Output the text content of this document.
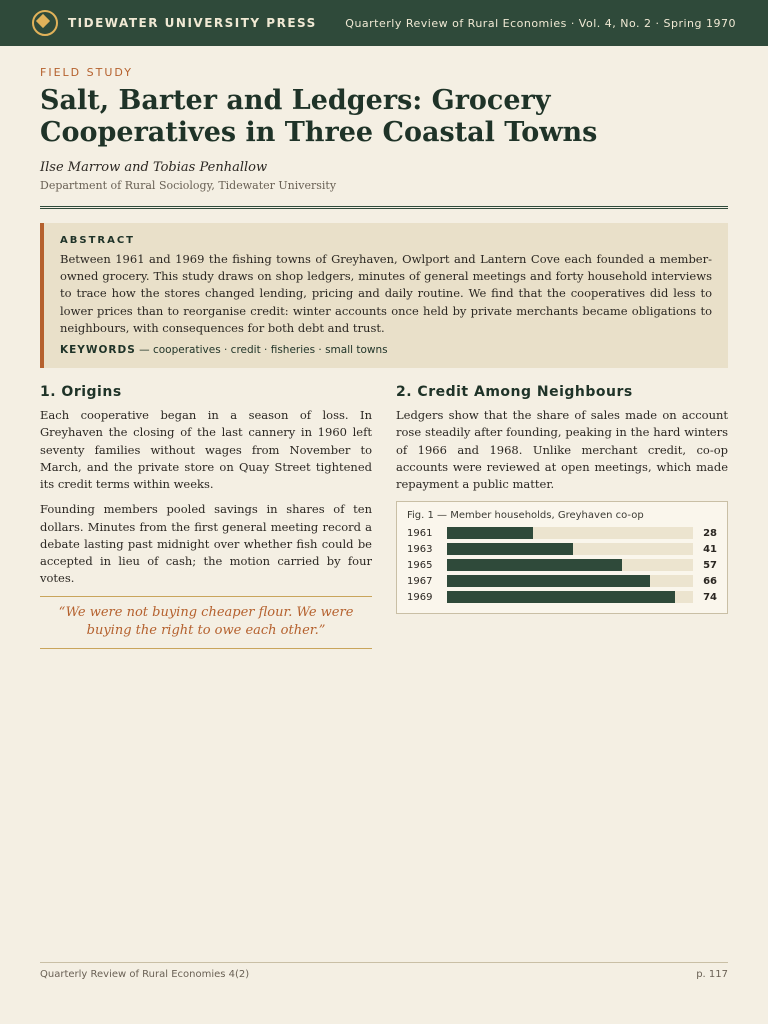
TIDEWATER UNIVERSITY PRESS	Quarterly Review of Rural Economies · Vol. 4, No. 2 · Spring 1970
FIELD STUDY
Salt, Barter and Ledgers: Grocery Cooperatives in Three Coastal Towns
Ilse Marrow and Tobias Penhallow
Department of Rural Sociology, Tidewater University
ABSTRACT

Between 1961 and 1969 the fishing towns of Greyhaven, Owlport and Lantern Cove each founded a member-owned grocery. This study draws on shop ledgers, minutes of general meetings and forty household interviews to trace how the stores changed lending, pricing and daily routine. We find that the cooperatives did less to lower prices than to reorganise credit: winter accounts once held by private merchants became obligations to neighbours, with consequences for both debt and trust.

KEYWORDS — cooperatives · credit · fisheries · small towns
1. Origins

Each cooperative began in a season of loss. In Greyhaven the closing of the last cannery in 1960 left seventy families without wages from November to March, and the private store on Quay Street tightened its credit terms within weeks.

Founding members pooled savings in shares of ten dollars. Minutes from the first general meeting record a debate lasting past midnight over whether fish could be accepted in lieu of cash; the motion carried by four votes.

“We were not buying cheaper flour. We were buying the right to owe each other.”
2. Credit Among Neighbours

Ledgers show that the share of sales made on account rose steadily after founding, peaking in the hard winters of 1966 and 1968. Unlike merchant credit, co-op accounts were reviewed at open meetings, which made repayment a public matter.

Fig. 1 — Member households, Greyhaven co-op
1961	28
1963	41
1965	57
1967	66
1969	74
Quarterly Review of Rural Economies 4(2)	p. 117
